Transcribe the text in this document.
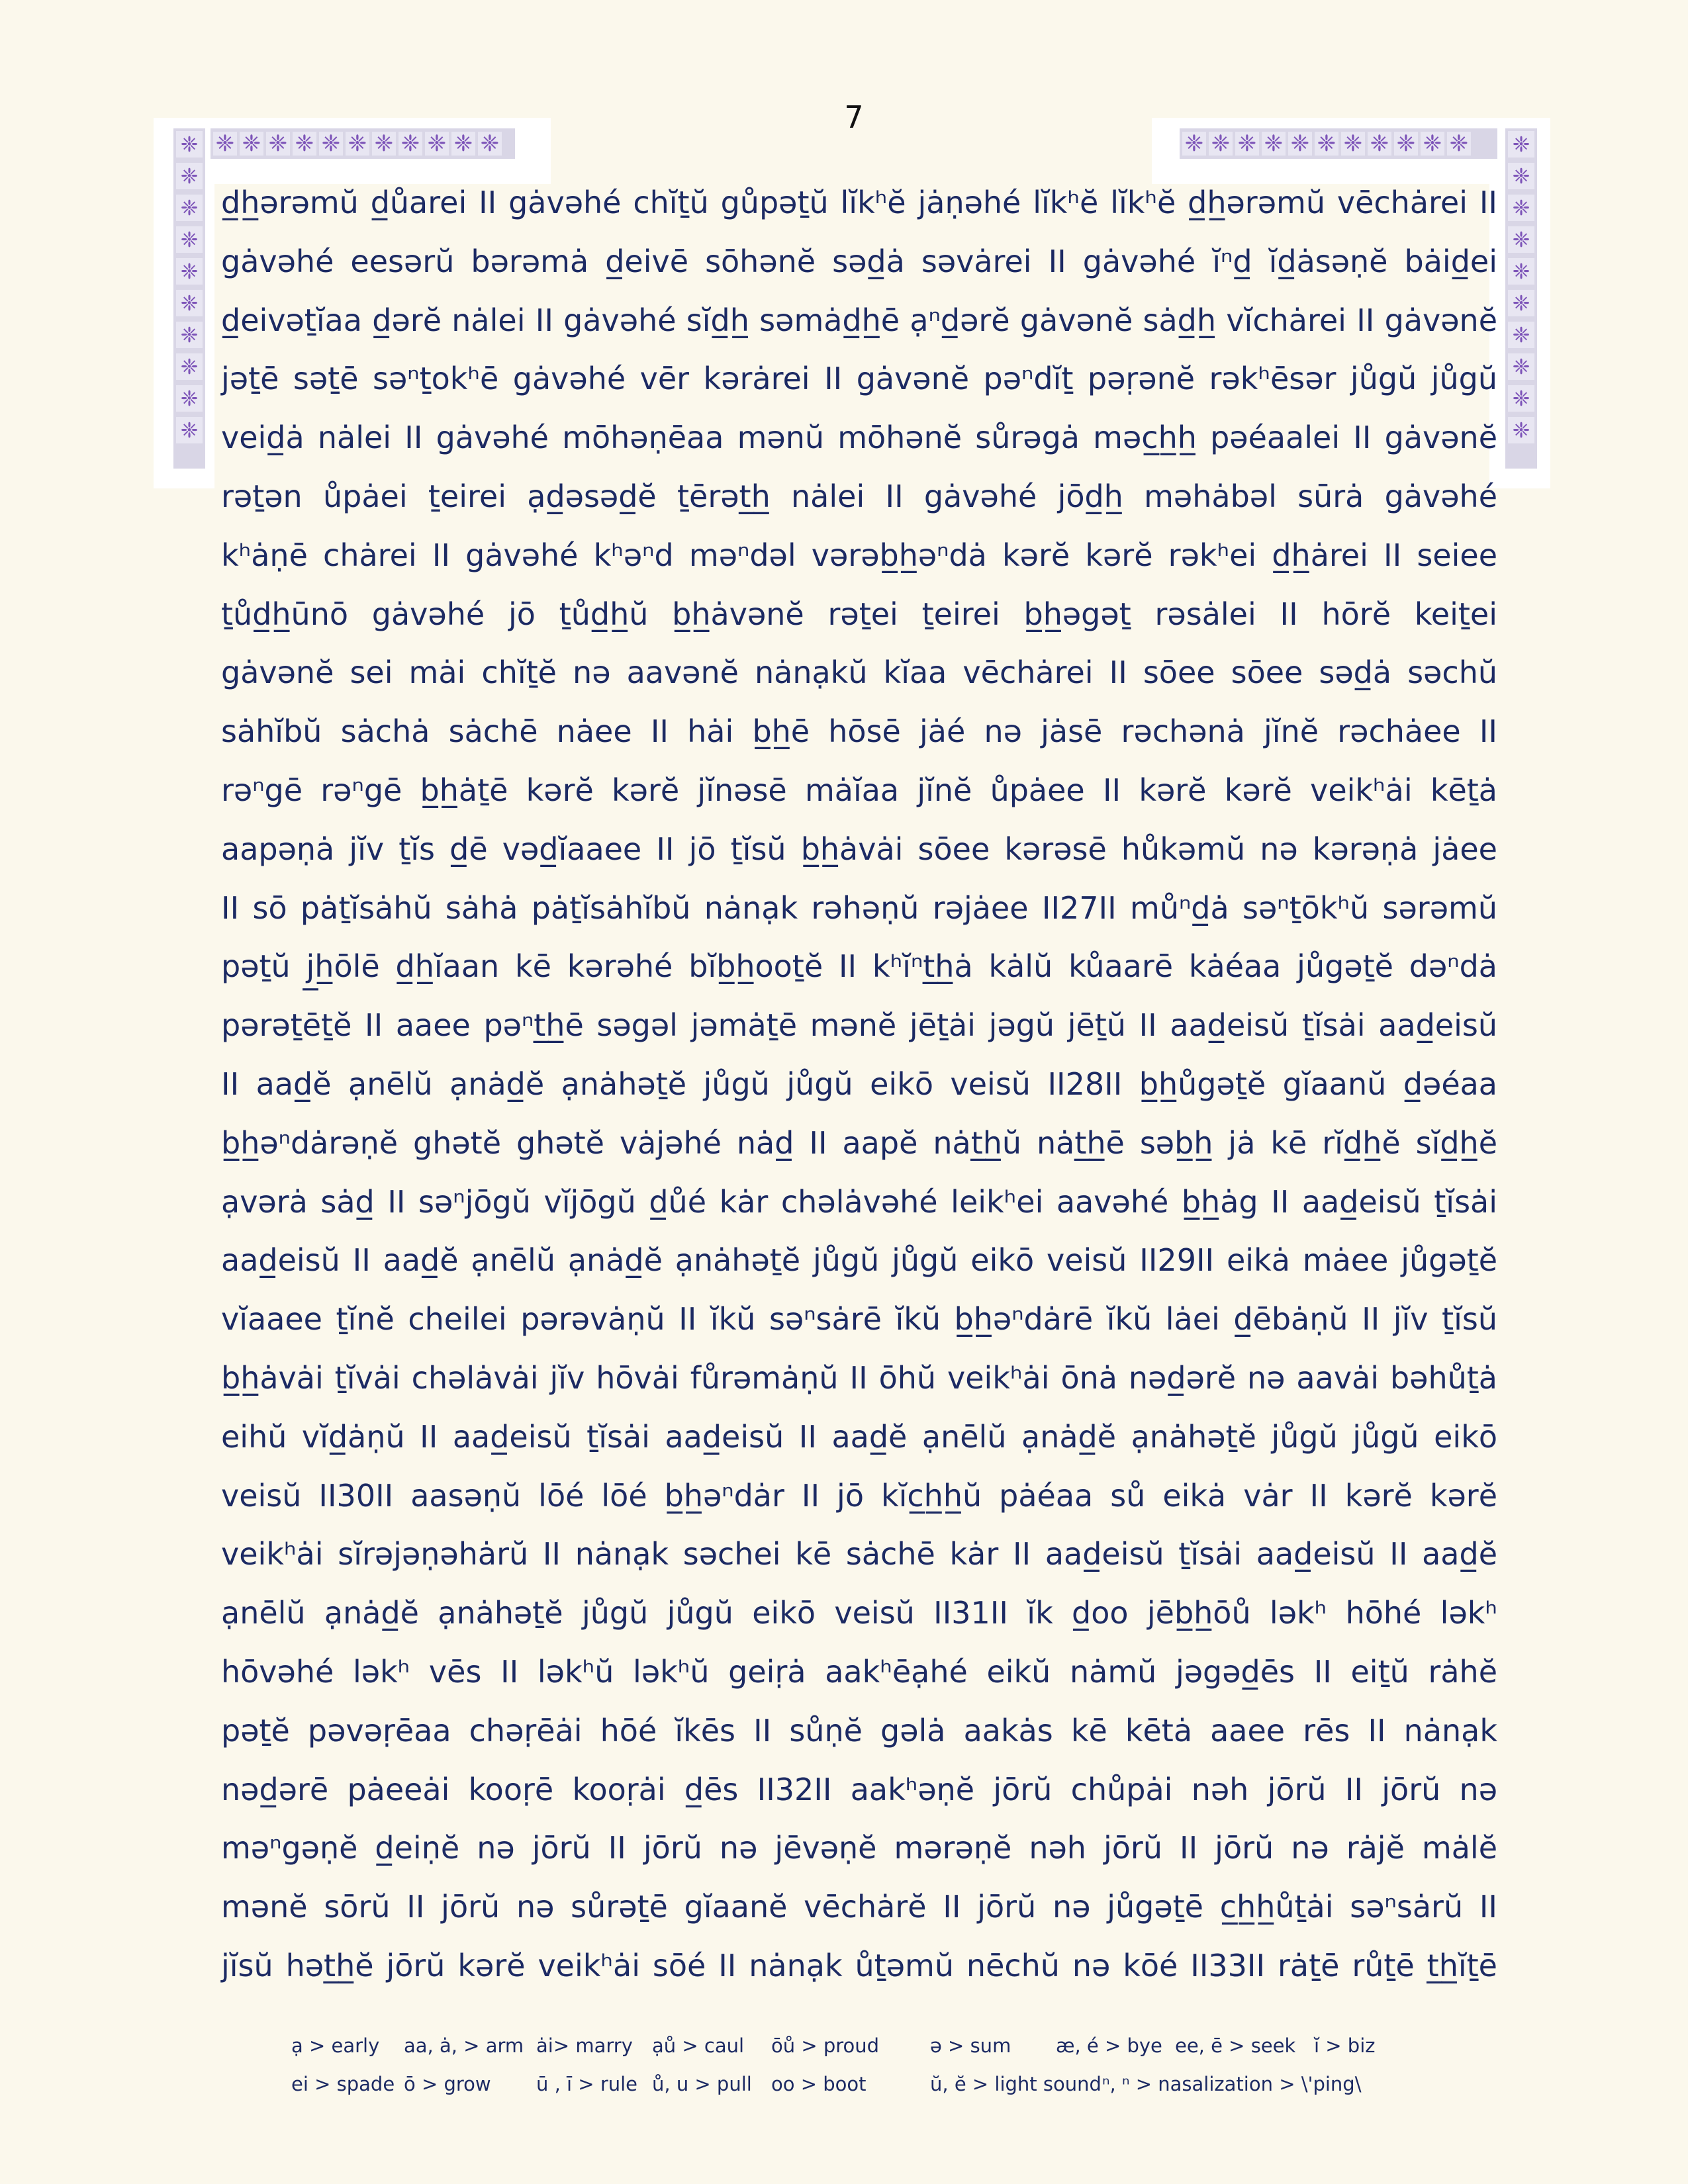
7
❈ ❈ ❈ ❈ ❈ ❈ ❈ ❈ ❈ ❈ ❈	❈ ❈ ❈ ❈ ❈ ❈ ❈ ❈ ❈ ❈ ❈
❈
❈
❈
❈
❈
❈
❈
❈
❈
❈
❈
❈
❈
❈
❈
❈
❈
❈
❈
❈
d̲h̲ərəmŭ d̲ůarei II gȧvəhé chĭṯŭ gůpəṯŭ lĭkʰĕ jȧṇəhé lĭkʰĕ lĭkʰĕ d̲h̲ərəmŭ vēchȧrei II
gȧvəhé eesərŭ bərəmȧ d̲eivē sōhənĕ səd̲ȧ səvȧrei II gȧvəhé ĭⁿd̲ ĭd̲ȧsəṇĕ bȧid̲ei
d̲eivəṯĭaa d̲ərĕ nȧlei II gȧvəhé sĭd̲h̲ səmȧd̲h̲ē ạⁿd̲ərĕ gȧvənĕ sȧd̲h̲ vĭchȧrei II gȧvənĕ
jəṯē səṯē səⁿṯokʰē gȧvəhé vēr kərȧrei II gȧvənĕ pəⁿdĭṯ pəṛənĕ rəkʰēsər jůgŭ jůgŭ
veid̲ȧ nȧlei II gȧvəhé mōhəṇēaa mənŭ mōhənĕ sůrəgȧ məc̲h̲h̲ pəéaalei II gȧvənĕ
rəṯən ůpȧei ṯeirei ạd̲əsəd̲ĕ ṯērət̲h̲ nȧlei II gȧvəhé jōd̲h̲ məhȧbəl sūrȧ gȧvəhé
kʰȧṇē chȧrei II gȧvəhé kʰəⁿd məⁿdəl vərəb̲h̲əⁿdȧ kərĕ kərĕ rəkʰei d̲h̲ȧrei II seiee
ṯůd̲h̲ūnō gȧvəhé jō ṯůd̲h̲ŭ b̲h̲ȧvənĕ rəṯei ṯeirei b̲h̲əgəṯ rəsȧlei II hōrĕ keiṯei
gȧvənĕ sei mȧi chĭṯĕ nə aavənĕ nȧnạkŭ kĭaa vēchȧrei II sōee sōee səd̲ȧ səchŭ
sȧhĭbŭ sȧchȧ sȧchē nȧee II hȧi b̲h̲ē hōsē jȧé nə jȧsē rəchənȧ jĭnĕ rəchȧee II
rəⁿgē rəⁿgē b̲h̲ȧṯē kərĕ kərĕ jĭnəsē mȧĭaa jĭnĕ ůpȧee II kərĕ kərĕ veikʰȧi kēṯȧ
aapəṇȧ jĭv ṯĭs d̲ē vəd̲ĭaaee II jō ṯĭsŭ b̲h̲ȧvȧi sōee kərəsē hůkəmŭ nə kərəṇȧ jȧee
II sō pȧṯĭsȧhŭ sȧhȧ pȧṯĭsȧhĭbŭ nȧnạk rəhəṇŭ rəjȧee II27II můⁿd̲ȧ səⁿṯōkʰŭ sərəmŭ
pəṯŭ j̲h̲ōlē d̲h̲ĭaan kē kərəhé bĭb̲h̲ooṯĕ II kʰĭⁿt̲h̲ȧ kȧlŭ kůaarē kȧéaa jůgəṯĕ dəⁿdȧ
pərəṯēṯĕ II aaee pəⁿt̲h̲ē səgəl jəmȧṯē mənĕ jēṯȧi jəgŭ jēṯŭ II aad̲eisŭ ṯĭsȧi aad̲eisŭ
II aad̲ĕ ạnēlŭ ạnȧd̲ĕ ạnȧhəṯĕ jůgŭ jůgŭ eikō veisŭ II28II b̲h̲ůgəṯĕ gĭaanŭ d̲əéaa
b̲h̲əⁿdȧrəṇĕ ghətĕ ghətĕ vȧjəhé nȧd̲ II aapĕ nȧt̲h̲ŭ nȧt̲h̲ē səb̲h̲ jȧ kē rĭd̲h̲ĕ sĭd̲h̲ĕ
ạvərȧ sȧd̲ II səⁿjōgŭ vĭjōgŭ d̲ůé kȧr chəlȧvəhé leikʰei aavəhé b̲h̲ȧg II aad̲eisŭ ṯĭsȧi
aad̲eisŭ II aad̲ĕ ạnēlŭ ạnȧd̲ĕ ạnȧhəṯĕ jůgŭ jůgŭ eikō veisŭ II29II eikȧ mȧee jůgəṯĕ
vĭaaee ṯĭnĕ cheilei pərəvȧṇŭ II ĭkŭ səⁿsȧrē ĭkŭ b̲h̲əⁿdȧrē ĭkŭ lȧei d̲ēbȧṇŭ II jĭv ṯĭsŭ
b̲h̲ȧvȧi ṯĭvȧi chəlȧvȧi jĭv hōvȧi fůrəmȧṇŭ II ōhŭ veikʰȧi ōnȧ nəd̲ərĕ nə aavȧi bəhůṯȧ
eihŭ vĭd̲ȧṇŭ II aad̲eisŭ ṯĭsȧi aad̲eisŭ II aad̲ĕ ạnēlŭ ạnȧd̲ĕ ạnȧhəṯĕ jůgŭ jůgŭ eikō
veisŭ II30II aasəṇŭ lōé lōé b̲h̲əⁿdȧr II jō kĭc̲h̲h̲ŭ pȧéaa sů eikȧ vȧr II kərĕ kərĕ
veikʰȧi sĭrəjəṇəhȧrŭ II nȧnạk səchei kē sȧchē kȧr II aad̲eisŭ ṯĭsȧi aad̲eisŭ II aad̲ĕ
ạnēlŭ ạnȧd̲ĕ ạnȧhəṯĕ jůgŭ jůgŭ eikō veisŭ II31II ĭk d̲oo jēb̲h̲ōů ləkʰ hōhé ləkʰ
hōvəhé ləkʰ vēs II ləkʰŭ ləkʰŭ geiṛȧ aakʰēạhé eikŭ nȧmŭ jəgəd̲ēs II eiṯŭ rȧhĕ
pəṯĕ pəvəṛēaa chəṛēȧi hōé ĭkēs II sůṇĕ gəlȧ aakȧs kē kētȧ aaee rēs II nȧnạk
nəd̲ərē pȧeeȧi kooṛē kooṛȧi d̲ēs II32II aakʰəṇĕ jōrŭ chůpȧi nəh jōrŭ II jōrŭ nə
məⁿgəṇĕ d̲eiṇĕ nə jōrŭ II jōrŭ nə jēvəṇĕ mərəṇĕ nəh jōrŭ II jōrŭ nə rȧjĕ mȧlĕ
mənĕ sōrŭ II jōrŭ nə sůrəṯē gĭaanĕ vēchȧrĕ II jōrŭ nə jůgəṯē c̲h̲h̲ůṯȧi səⁿsȧrŭ II
jĭsŭ hət̲h̲ĕ jōrŭ kərĕ veikʰȧi sōé II nȧnạk ůṯəmŭ nēchŭ nə kōé II33II rȧṯē růṯē t̲h̲ĭṯē
ạ > early	aa, ȧ, > arm ȧi> marry	ạů > caul	ōů > proud	ə > sum	æ, é > bye ee, ē > seek ĭ > biz
ei > spade ō > grow	ū , ī > rule ů, u > pull	oo > boot	ŭ, ĕ > light sound ⁿ, ⁿ > nasalization > \'ping\
